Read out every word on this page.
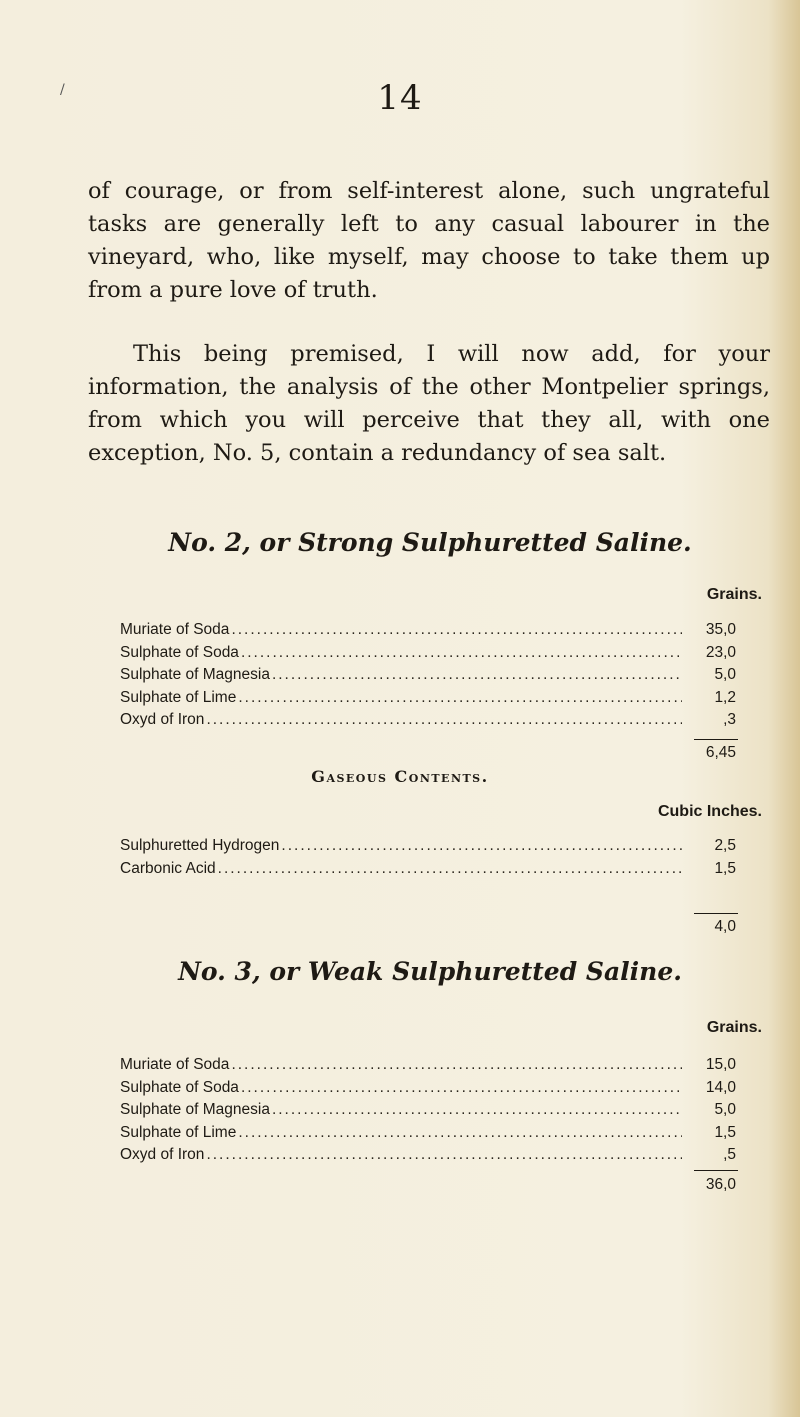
/	14

of courage, or from self-interest alone, such ungrateful tasks are generally left to any casual labourer in the vineyard, who, like myself, may choose to take them up from a pure love of truth.

This being premised, I will now add, for your information, the analysis of the other Montpelier springs, from which you will perceive that they all, with one exception, No. 5, contain a redundancy of sea salt.

No. 2, or Strong Sulphuretted Saline.
Grains.
Muriate of Soda .....	35,0
Sulphate of Soda .....	23,0
Sulphate of Magnesia .....	5,0
Sulphate of Lime .....	1,2
Oxyd of Iron .....	,3
6,45
Gaseous Contents.
Cubic Inches.
Sulphuretted Hydrogen .....	2,5
Carbonic Acid .....	1,5
4,0
No. 3, or Weak Sulphuretted Saline.
Grains.
Muriate of Soda .....	15,0
Sulphate of Soda .....	14,0
Sulphate of Magnesia .....	5,0
Sulphate of Lime .....	1,5
Oxyd of Iron .....	,5
36,0
